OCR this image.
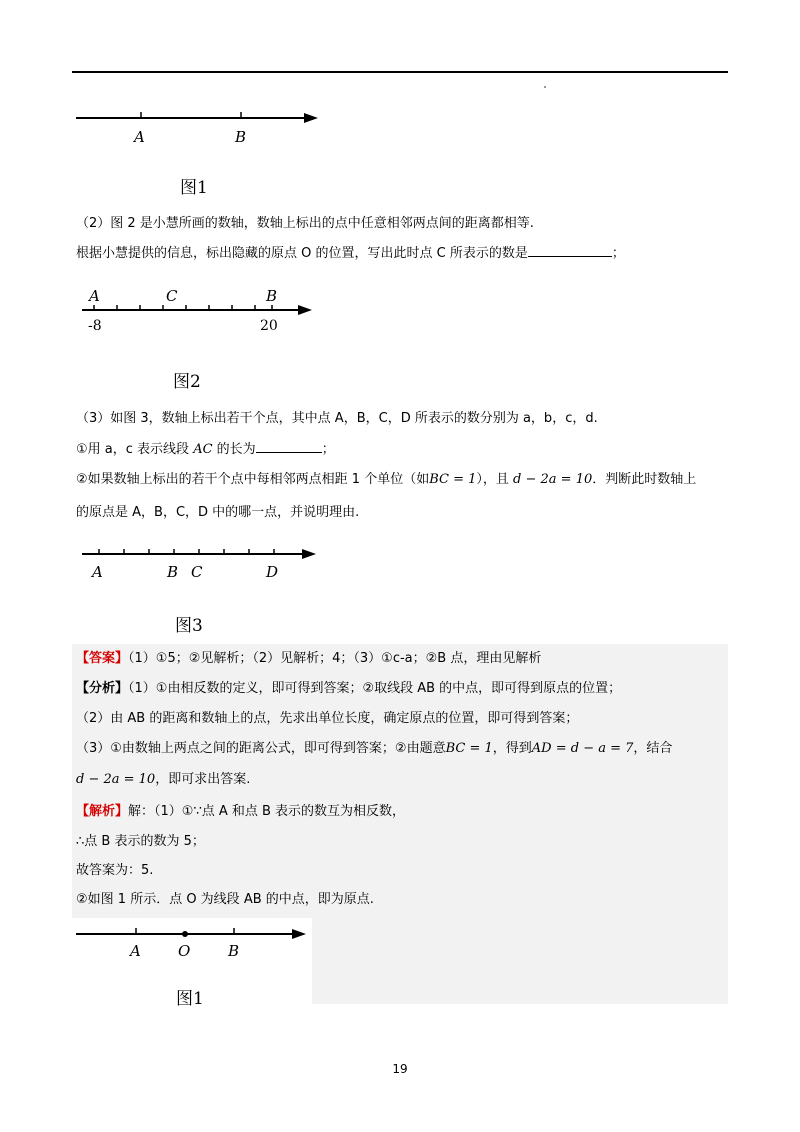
A	B
图1
（2）图 2 是小慧所画的数轴，数轴上标出的点中任意相邻两点间的距离都相等.
根据小慧提供的信息，标出隐藏的原点 O 的位置，写出此时点 C 所表示的数是	；
A	C	B
-8	20
图2
（3）如图 3，数轴上标出若干个点，其中点 A，B，C，D 所表示的数分别为 a，b，c，d.
①用 a，c 表示线段 AC 的长为	；
②如果数轴上标出的若干个点中每相邻两点相距 1 个单位（如BC = 1），且 d − 2a = 10．判断此时数轴上
的原点是 A，B，C，D 中的哪一点，并说明理由.
A	B C	D
图3
【答案】（1）①5；②见解析；（2）见解析；4；（3）①c-a；②B 点，理由见解析
【分析】（1）①由相反数的定义，即可得到答案；②取线段 AB 的中点，即可得到原点的位置；
（2）由 AB 的距离和数轴上的点，先求出单位长度，确定原点的位置，即可得到答案；
（3）①由数轴上两点之间的距离公式，即可得到答案；②由题意BC = 1，得到AD = d − a = 7，结合
d − 2a = 10，即可求出答案.
【解析】解：（1）①∵点 A 和点 B 表示的数互为相反数，
∴点 B 表示的数为 5；
故答案为：5.
②如图 1 所示．点 O 为线段 AB 的中点，即为原点.
A O	B
图1
19
